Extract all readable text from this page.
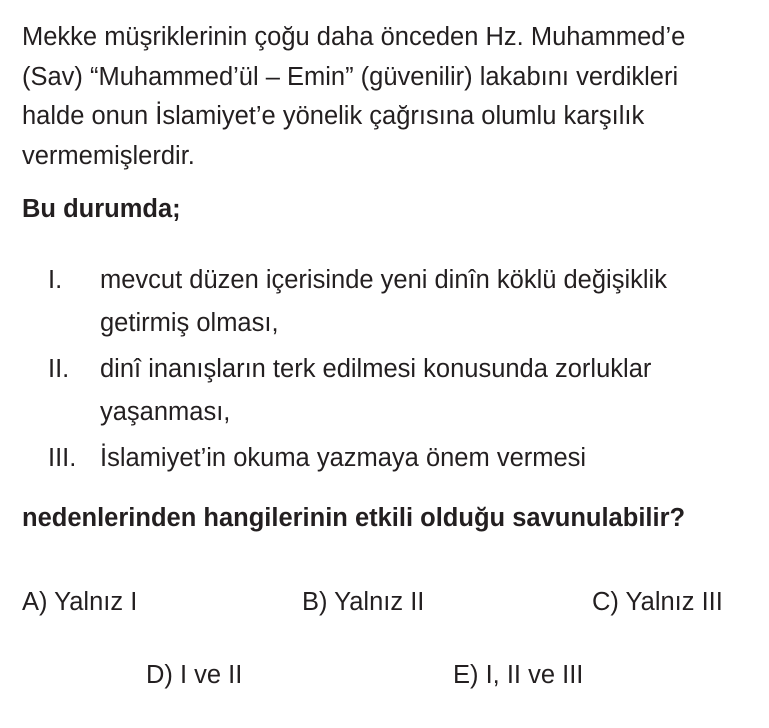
Mekke müşriklerinin çoğu daha önceden Hz. Muhammed’e
(Sav) “Muhammed’ül – Emin” (güvenilir) lakabını verdikleri
halde onun İslamiyet’e yönelik çağrısına olumlu karşılık
vermemişlerdir.

Bu durumda;

I. mevcut düzen içerisinde yeni dinîn köklü değişiklik
getirmiş olması,
II. dinî inanışların terk edilmesi konusunda zorluklar
yaşanması,
III. İslamiyet’in okuma yazmaya önem vermesi

nedenlerinden hangilerinin etkili olduğu savunulabilir?

A) Yalnız I	B) Yalnız II	C) Yalnız III
D) I ve II	E) I, II ve III
